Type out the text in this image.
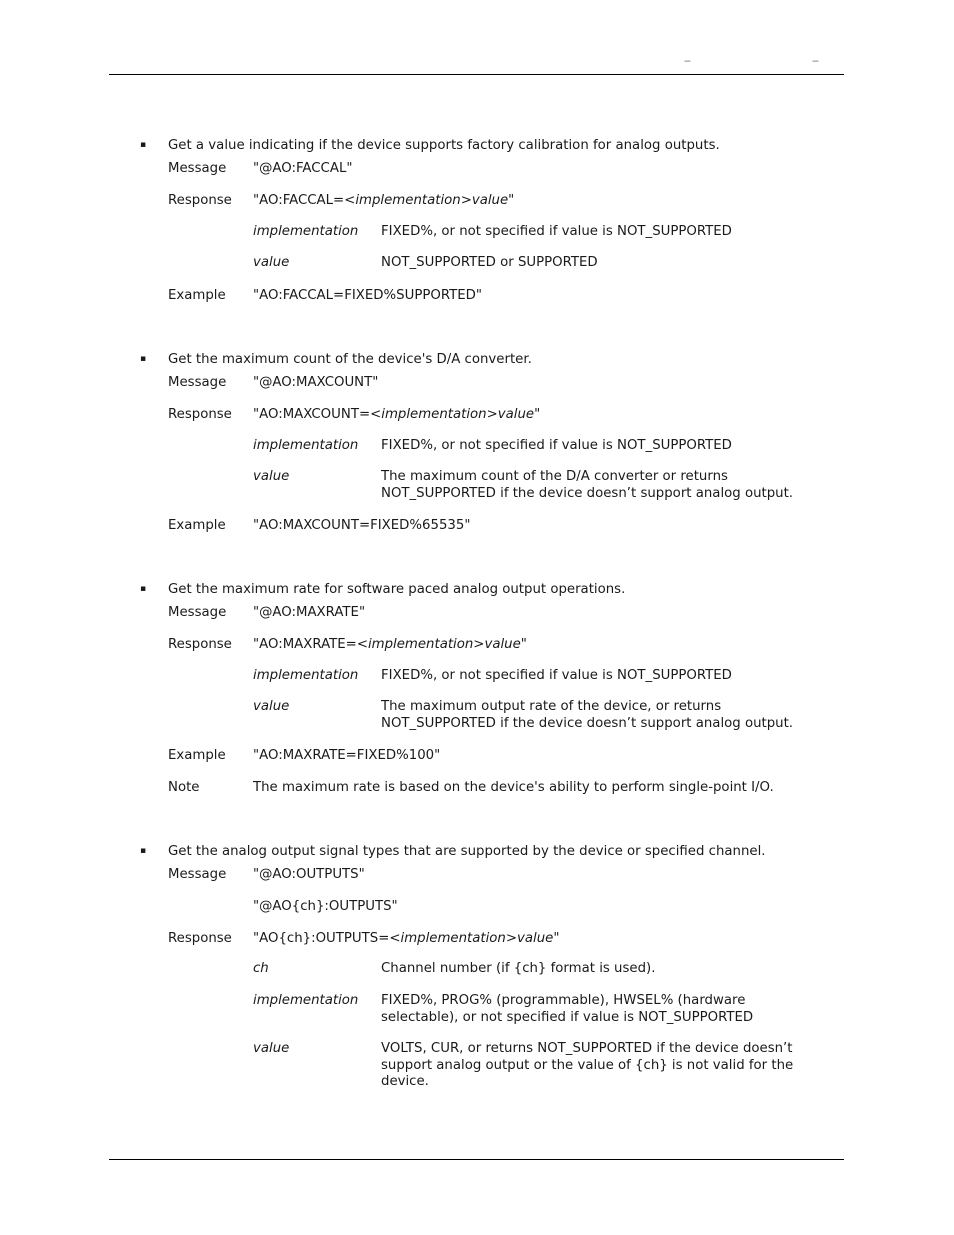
‒	‒
▪ Get a value indicating if the device supports factory calibration for analog outputs.
Message "@AO:FACCAL"
Response "AO:FACCAL=<implementation>value"
implementation FIXED%, or not specified if value is NOT_SUPPORTED
value	NOT_SUPPORTED or SUPPORTED
Example "AO:FACCAL=FIXED%SUPPORTED"
▪ Get the maximum count of the device's D/A converter.
Message "@AO:MAXCOUNT"
Response "AO:MAXCOUNT=<implementation>value"
implementation FIXED%, or not specified if value is NOT_SUPPORTED
value	The maximum count of the D/A converter or returns NOT_SUPPORTED if the device doesn’t support analog output.
Example "AO:MAXCOUNT=FIXED%65535"
▪ Get the maximum rate for software paced analog output operations.
Message "@AO:MAXRATE"
Response "AO:MAXRATE=<implementation>value"
implementation FIXED%, or not specified if value is NOT_SUPPORTED
value	The maximum output rate of the device, or returns NOT_SUPPORTED if the device doesn’t support analog output.
Example "AO:MAXRATE=FIXED%100"
Note	The maximum rate is based on the device's ability to perform single-point I/O.
▪ Get the analog output signal types that are supported by the device or specified channel.
Message "@AO:OUTPUTS"
"@AO{ch}:OUTPUTS"
Response "AO{ch}:OUTPUTS=<implementation>value"
ch	Channel number (if {ch} format is used).
implementation FIXED%, PROG% (programmable), HWSEL% (hardware selectable), or not specified if value is NOT_SUPPORTED
value	VOLTS, CUR, or returns NOT_SUPPORTED if the device doesn’t support analog output or the value of {ch} is not valid for the device.
